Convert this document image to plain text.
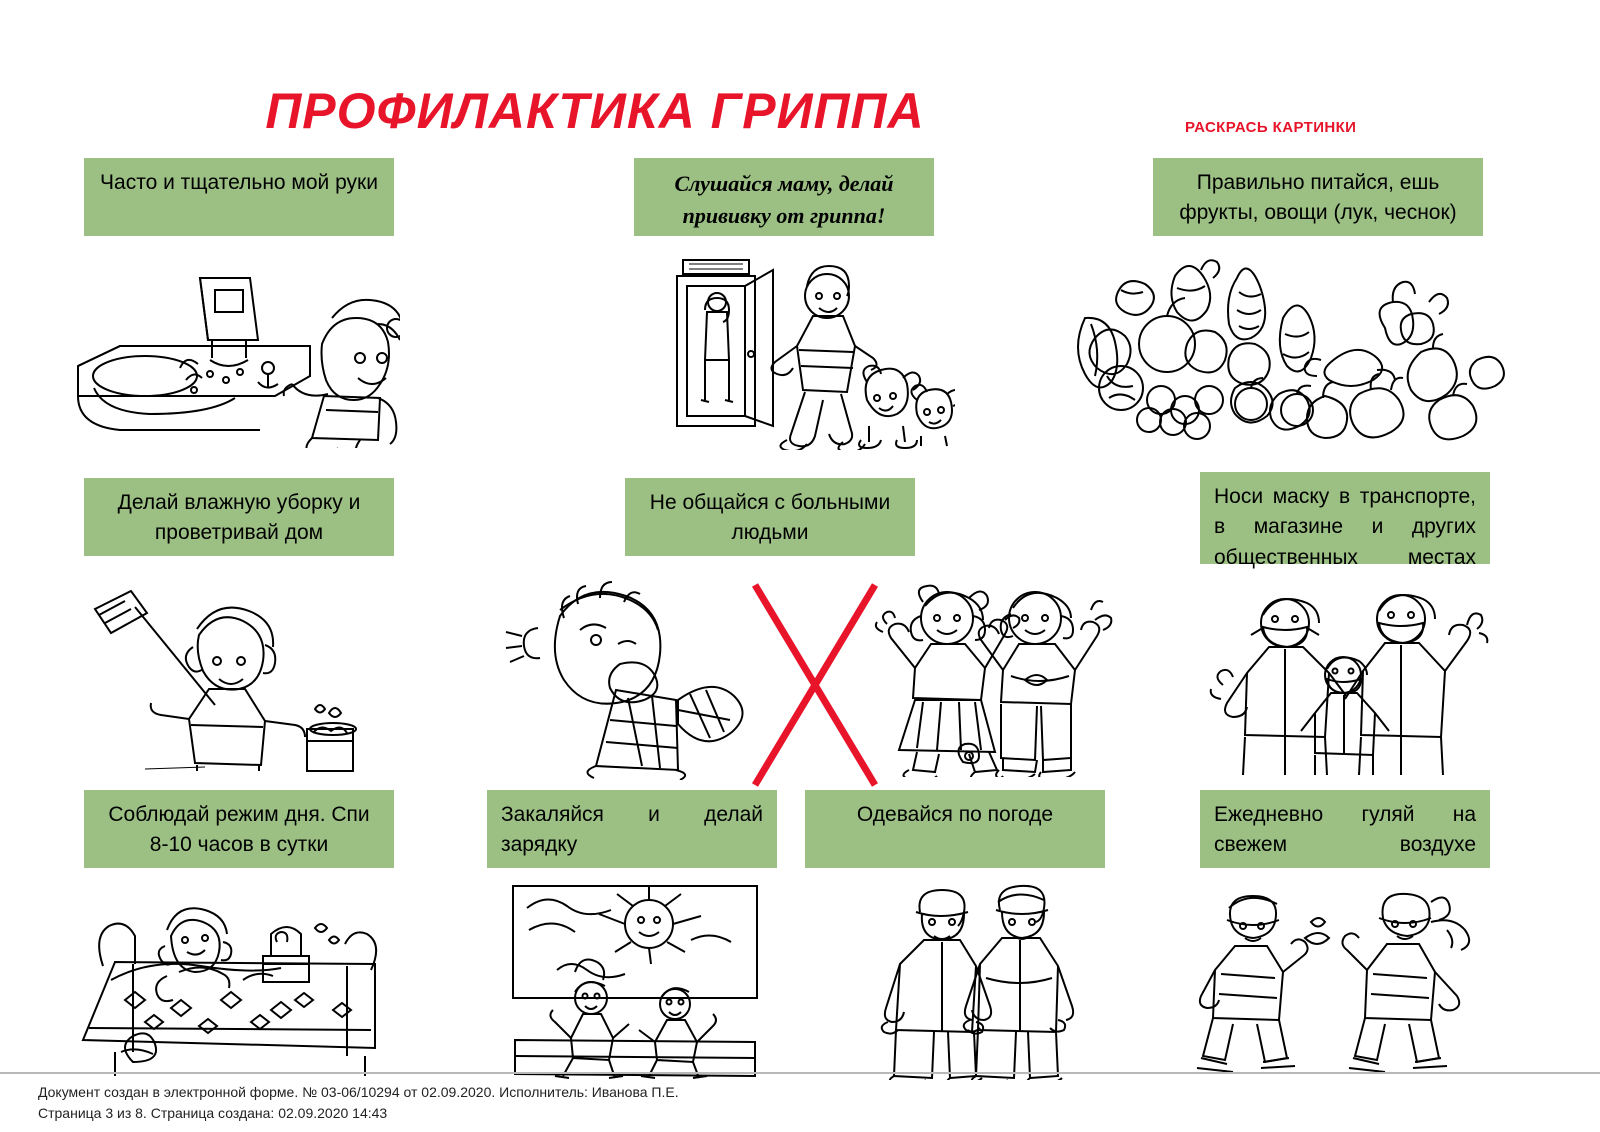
ПРОФИЛАКТИКА ГРИППА	РАСКРАСЬ КАРТИНКИ
Часто и тщательно мой руки	Слушайся маму, делай прививку от гриппа!
Правильно питайся, ешь фрукты, овощи (лук, чеснок)
Делай влажную уборку и проветривай дом
Не общайся с больными людьми
Носи маску в транспорте, в магазине и других общественных местах
Соблюдай режим дня. Спи 8-10 часов в сутки
Закаляйся и делай зарядку
Одевайся по погоде	Ежедневно гуляй на свежем воздухе
Документ создан в электронной форме. № 03-06/10294 от 02.09.2020. Исполнитель: Иванова П.Е.
Страница 3 из 8. Страница создана: 02.09.2020 14:43
